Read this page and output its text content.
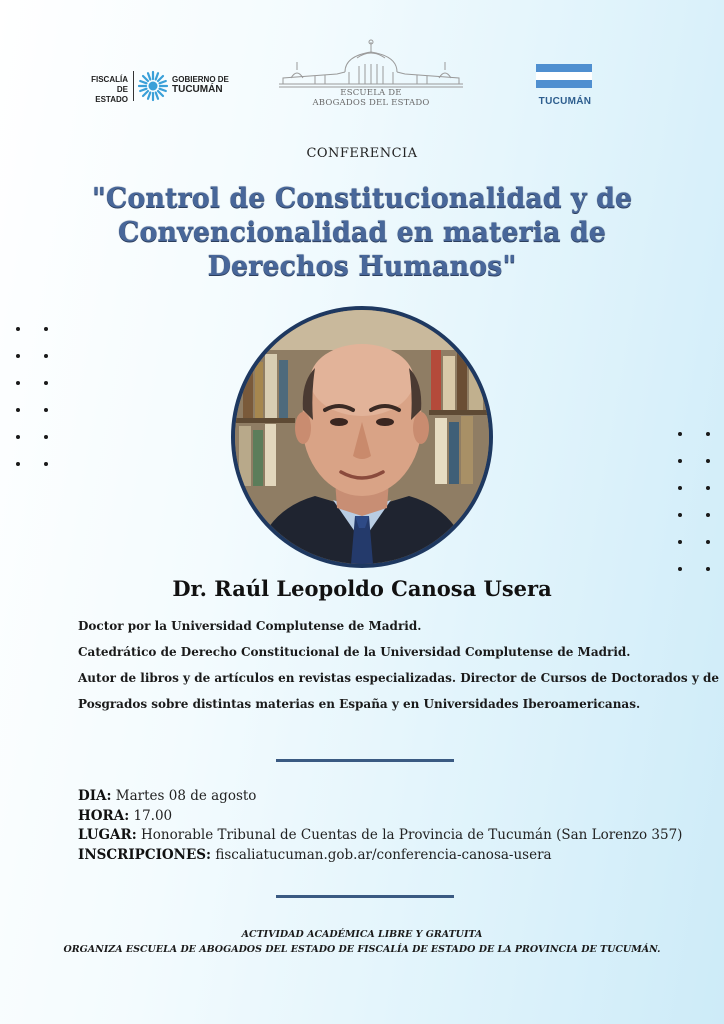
FISCALÍA DE
ESTADO
GOBIERNO DE
TUCUMÁN	ESCUELA DE
ABOGADOS DEL ESTADO	TUCUMÁN
CONFERENCIA
"Control de Constitucionalidad y de
Convencionalidad en materia de
Derechos Humanos"
Dr. Raúl Leopoldo Canosa Usera
Doctor por la Universidad Complutense de Madrid.
Catedrático de Derecho Constitucional de la Universidad Complutense de Madrid.
Autor de libros y de artículos en revistas especializadas. Director de Cursos de Doctorados y de
Posgrados sobre distintas materias en España y en Universidades Iberoamericanas.
DIA: Martes 08 de agosto
HORA: 17.00
LUGAR: Honorable Tribunal de Cuentas de la Provincia de Tucumán (San Lorenzo 357)
INSCRIPCIONES: fiscaliatucuman.gob.ar/conferencia-canosa-usera
ACTIVIDAD ACADÉMICA LIBRE Y GRATUITA
ORGANIZA ESCUELA DE ABOGADOS DEL ESTADO DE FISCALÍA DE ESTADO DE LA PROVINCIA DE TUCUMÁN.
